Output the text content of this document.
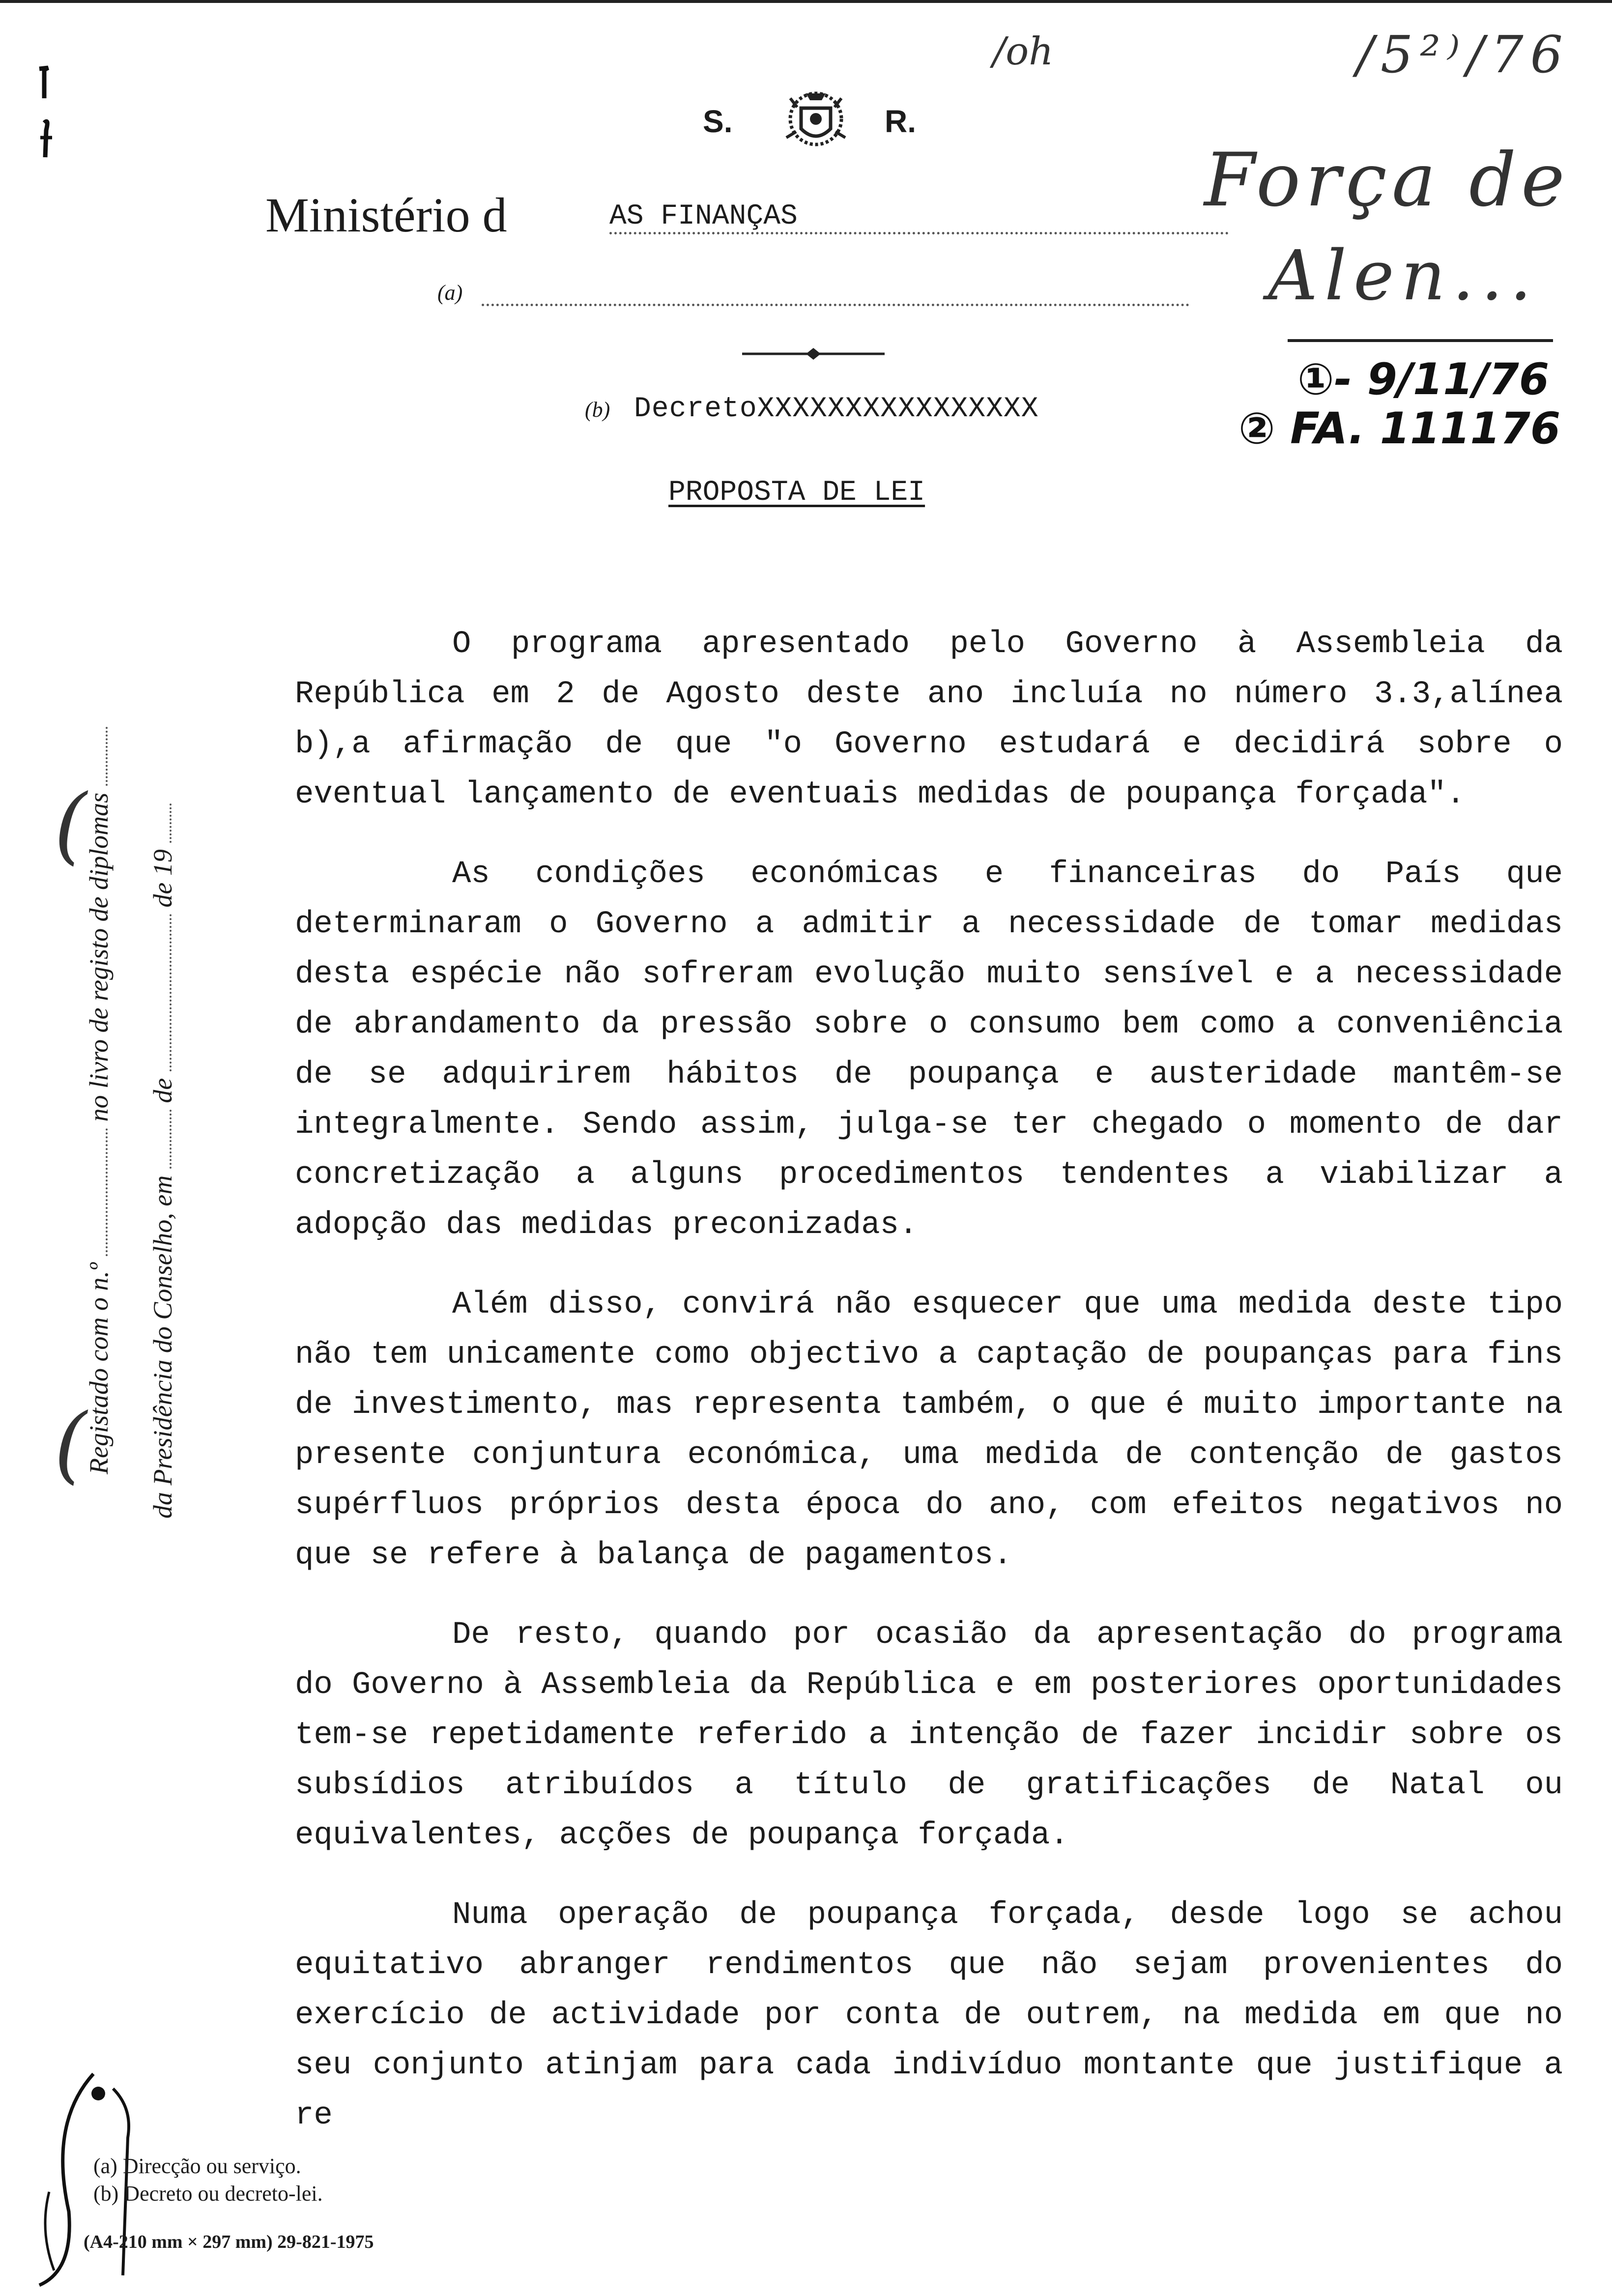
/oh	/5²⁾/76
Força de
Alen...
①- 9/11/76
② FA. 111176
S.	R.
Ministério d	AS FINANÇAS
(a)
(b) DecretoXXXXXXXXXXXXXXXX
PROPOSTA DE LEI
(
(
Registado com o n.º  no livro de registo de diplomas
da Presidência do Conselho, em  de  de 19

O programa apresentado pelo Governo à Assembleia da República em 2 de Agosto deste ano incluía no número 3.3,alínea b),a afirmação de que "o Governo estudará e decidirá sobre o eventual lançamento de eventuais medidas de poupança forçada".

As condições económicas e financeiras do País que determinaram o Governo a admitir a necessidade de tomar medidas desta espécie não sofreram evolução muito sensível e a necessidade de abrandamento da pressão sobre o consumo bem como a conveniência de se adquirirem hábitos de poupança e austeridade mantêm-se integralmente. Sendo assim, julga-se ter chegado o momento de dar concretização a alguns procedimentos tendentes a viabilizar a adopção das medidas preconizadas.

Além disso, convirá não esquecer que uma medida deste tipo não tem unicamente como objectivo a captação de poupanças para fins de investimento, mas representa também, o que é muito importante na presente conjuntura económica, uma medida de contenção de gastos supérfluos próprios desta época do ano, com efeitos negativos no que se refere à balança de pagamentos.

De resto, quando por ocasião da apresentação do programa do Governo à Assembleia da República e em posteriores oportunidades tem-se repetidamente referido a intenção de fazer incidir sobre os subsídios atribuídos a título de gratificações de Natal ou equivalentes, acções de poupança forçada.

Numa operação de poupança forçada, desde logo se achou equitativo abranger rendimentos que não sejam provenientes do exercício de actividade por conta de outrem, na medida em que no seu conjunto atinjam para cada indivíduo montante que justifique a re

(a) Direcção ou serviço.
(b) Decreto ou decreto-lei.
(A4-210 mm × 297 mm) 29-821-1975
